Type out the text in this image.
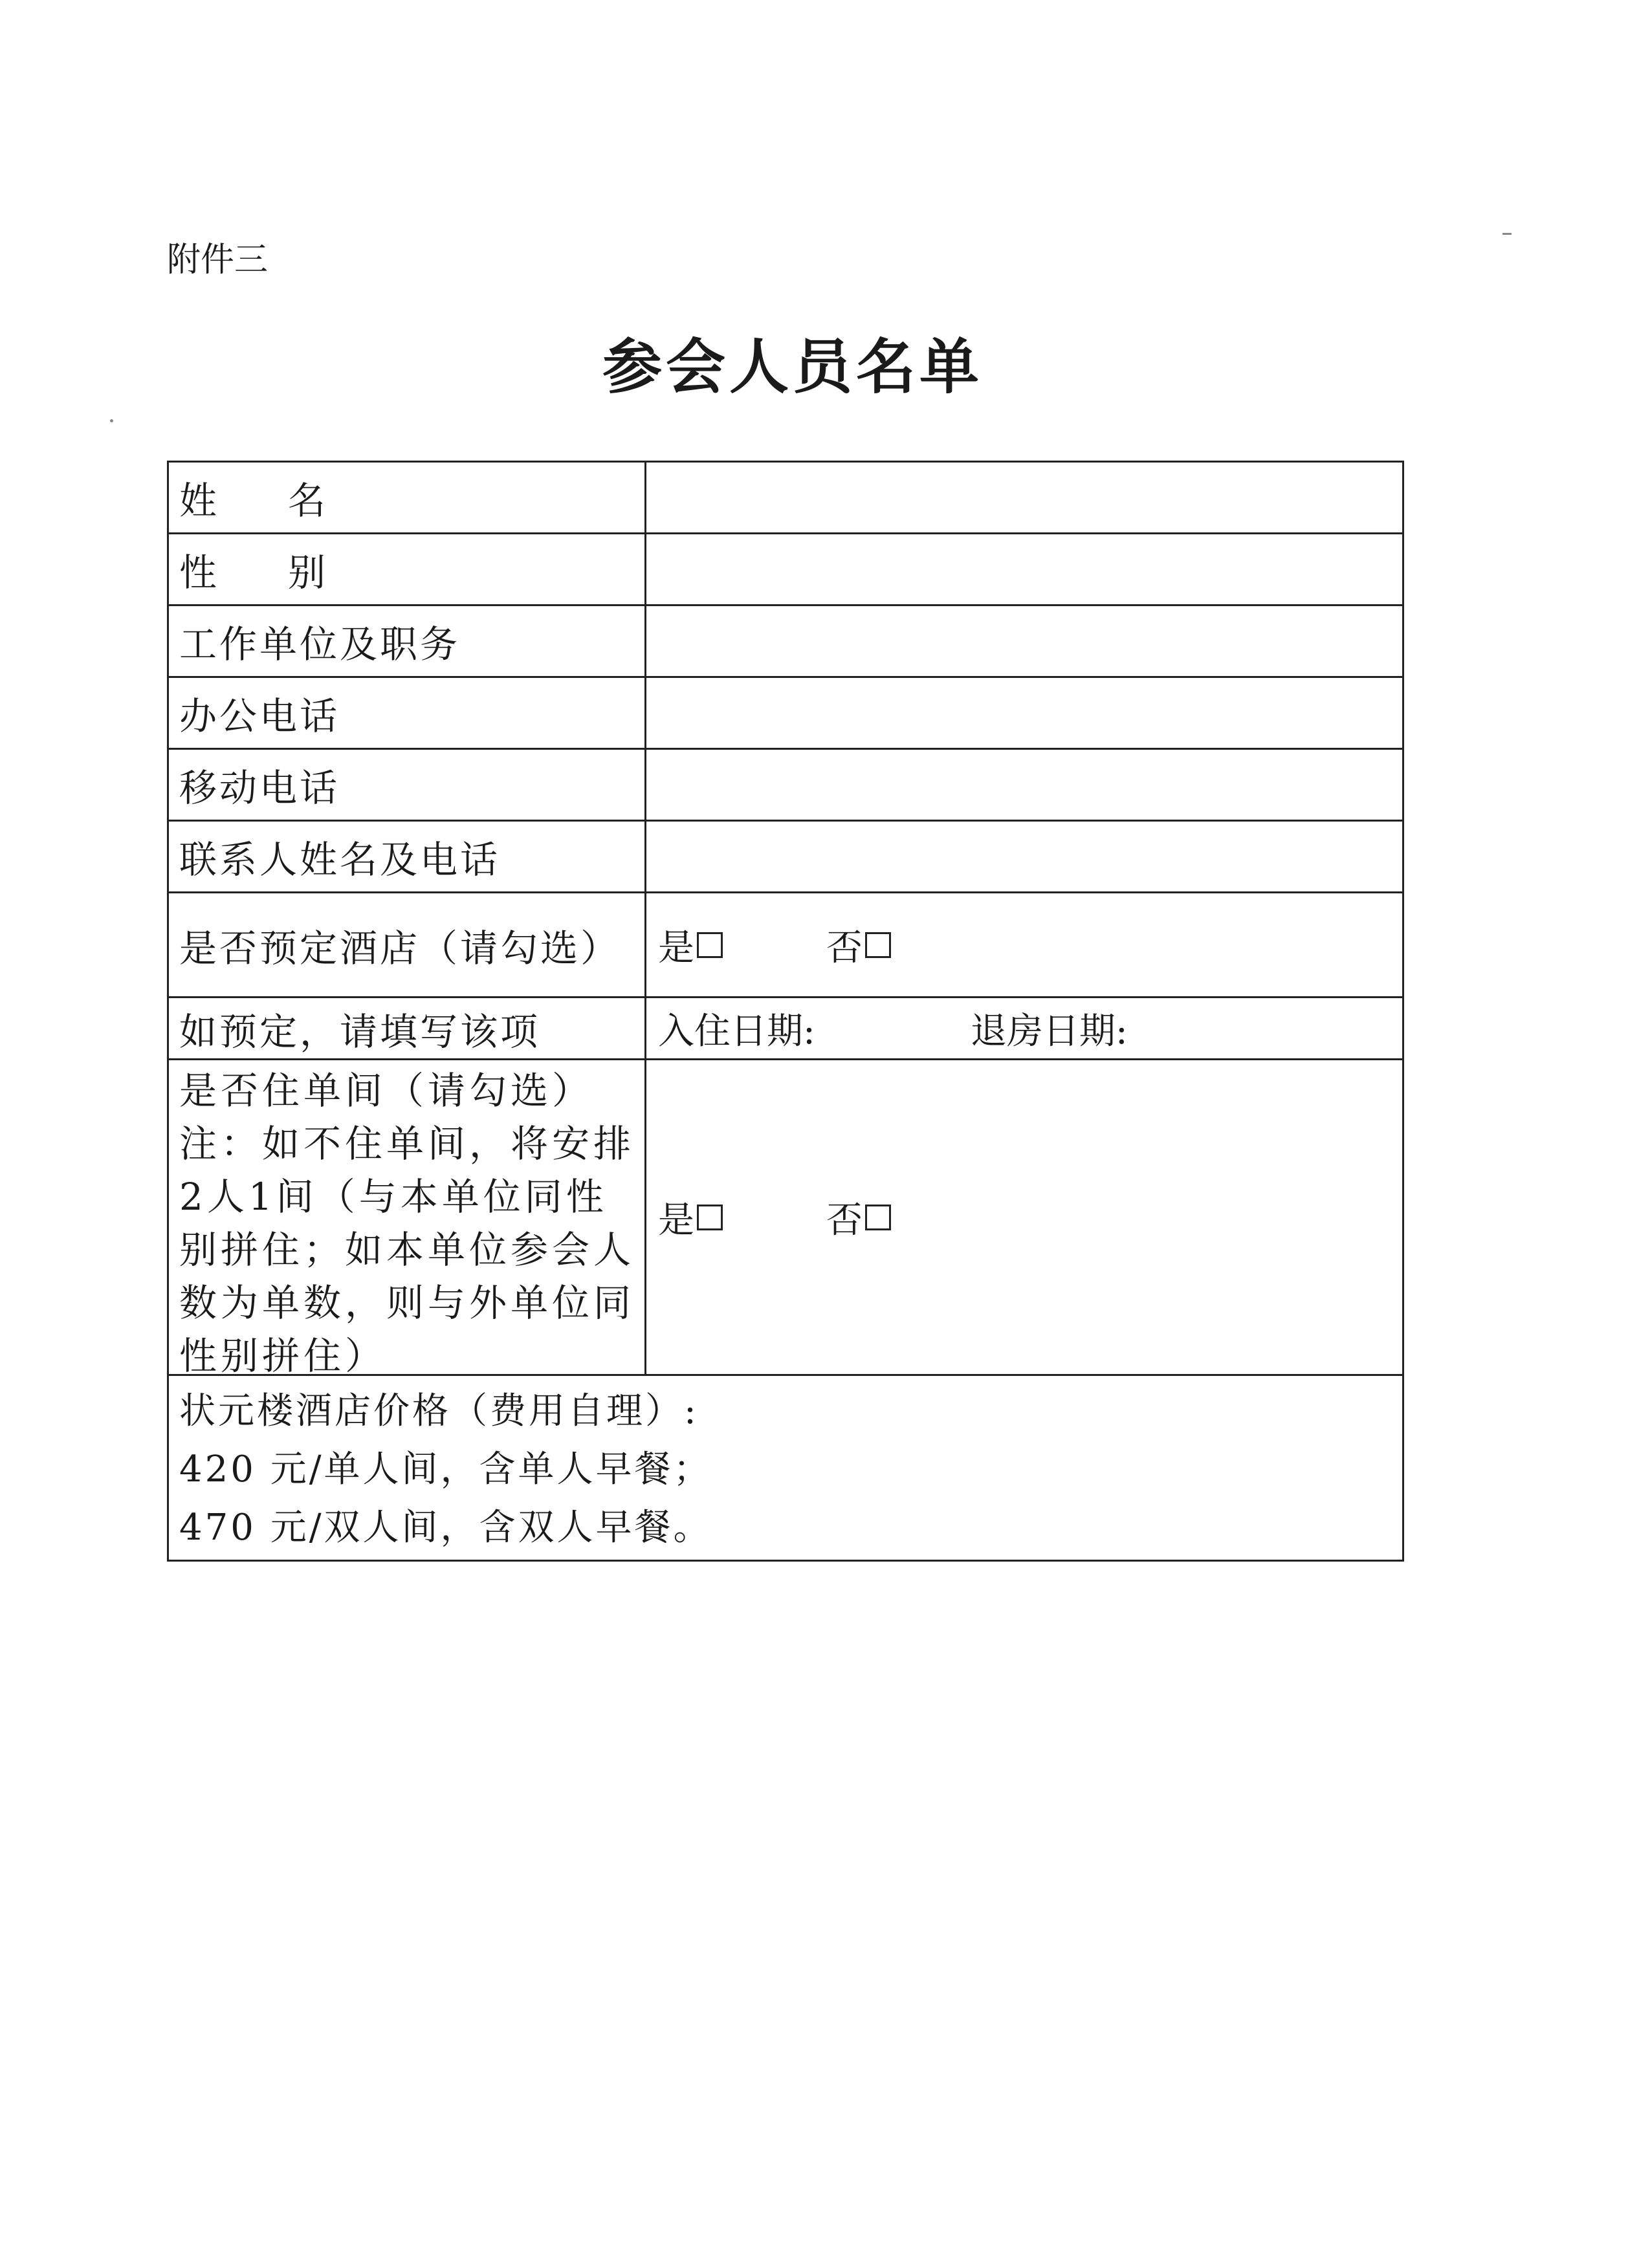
附件三
参会人员名单
姓名
性别
工作单位及职务
办公电话
移动电话
联系人姓名及电话
是否预定酒店（请勾选）	是	否
如预定，请填写该项	入住日期:	退房日期:
是否住单间（请勾选）
注：如不住单间，将安排
2人1间（与本单位同性
别拼住；如本单位参会人
数为单数，则与外单位同
性别拼住）
是	否
状元楼酒店价格（费用自理）:
420 元/单人间，含单人早餐；
470 元/双人间，含双人早餐。
